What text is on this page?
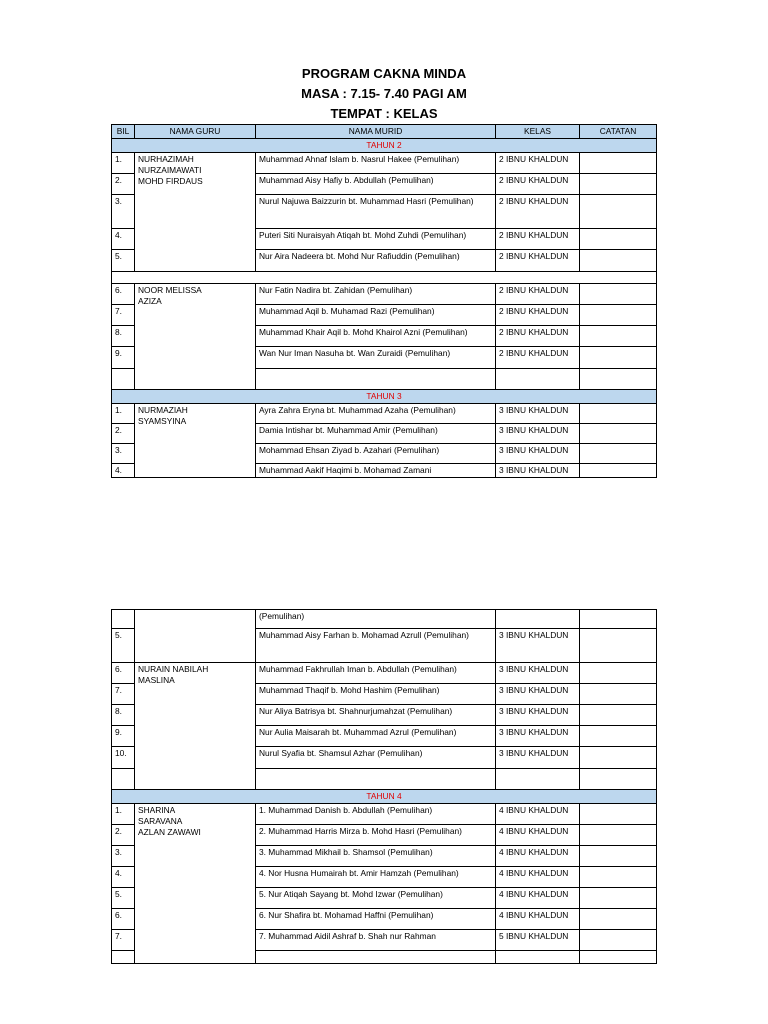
PROGRAM CAKNA MINDA
MASA : 7.15- 7.40 PAGI AM
TEMPAT : KELAS
BIL	NAMA GURU	NAMA MURID	KELAS	CATATAN
TAHUN 2				
1.	NURHAZIMAH
NURZAIMAWATI
MOHD FIRDAUS	Muhammad Ahnaf Islam b. Nasrul Hakee (Pemulihan)	2 IBNU KHALDUN	
2.		Muhammad Aisy Hafiy b. Abdullah (Pemulihan)	2 IBNU KHALDUN	
3.		Nurul Najuwa Baizzurin bt. Muhammad Hasri (Pemulihan)	2 IBNU KHALDUN	
4.		Puteri Siti Nuraisyah Atiqah bt. Mohd Zuhdi (Pemulihan)	2 IBNU KHALDUN	
5.		Nur Aira Nadeera bt. Mohd Nur Rafiuddin (Pemulihan)	2 IBNU KHALDUN	

6.	NOOR MELISSA
AZIZA	Nur Fatin Nadira bt. Zahidan (Pemulihan)	2 IBNU KHALDUN	
7.		Muhammad Aqil b. Muhamad Razi (Pemulihan)	2 IBNU KHALDUN	
8.		Muhammad Khair Aqil b. Mohd Khairol Azni (Pemulihan)	2 IBNU KHALDUN	
9.		Wan Nur Iman Nasuha bt. Wan Zuraidi (Pemulihan)	2 IBNU KHALDUN	

TAHUN 3				
1.	NURMAZIAH
SYAMSYINA	Ayra Zahra Eryna bt. Muhammad Azaha (Pemulihan)	3 IBNU KHALDUN	
2.		Damia Intishar bt. Muhammad Amir (Pemulihan)	3 IBNU KHALDUN	
3.		Mohammad Ehsan Ziyad b. Azahari (Pemulihan)	3 IBNU KHALDUN	
4.		Muhammad Aakif Haqimi b. Mohamad Zamani	3 IBNU KHALDUN	
		(Pemulihan)		
5.		Muhammad Aisy Farhan b. Mohamad Azrull (Pemulihan)	3 IBNU KHALDUN	
6.	NURAIN NABILAH
MASLINA	Muhammad Fakhrullah Iman b. Abdullah (Pemulihan)	3 IBNU KHALDUN	
7.		Muhammad Thaqif b. Mohd Hashim (Pemulihan)	3 IBNU KHALDUN	
8.		Nur Aliya Batrisya bt. Shahnurjumahzat (Pemulihan)	3 IBNU KHALDUN	
9.		Nur Aulia Maisarah bt. Muhammad Azrul (Pemulihan)	3 IBNU KHALDUN	
10.		Nurul Syafia bt. Shamsul Azhar (Pemulihan)	3 IBNU KHALDUN	

TAHUN 4				
1.	SHARINA
SARAVANA
AZLAN ZAWAWI	1. Muhammad Danish b. Abdullah (Pemulihan)	4 IBNU KHALDUN	
2.		2. Muhammad Harris Mirza b. Mohd Hasri (Pemulihan)	4 IBNU KHALDUN	
3.		3. Muhammad Mikhail b. Shamsol (Pemulihan)	4 IBNU KHALDUN	
4.		4. Nor Husna Humairah bt. Amir Hamzah (Pemulihan)	4 IBNU KHALDUN	
5.		5. Nur Atiqah Sayang bt. Mohd Izwar (Pemulihan)	4 IBNU KHALDUN	
6.		6. Nur Shafira bt. Mohamad Haffni (Pemulihan)	4 IBNU KHALDUN	
7.		7. Muhammad Aidil Ashraf b. Shah nur Rahman	5 IBNU KHALDUN	
